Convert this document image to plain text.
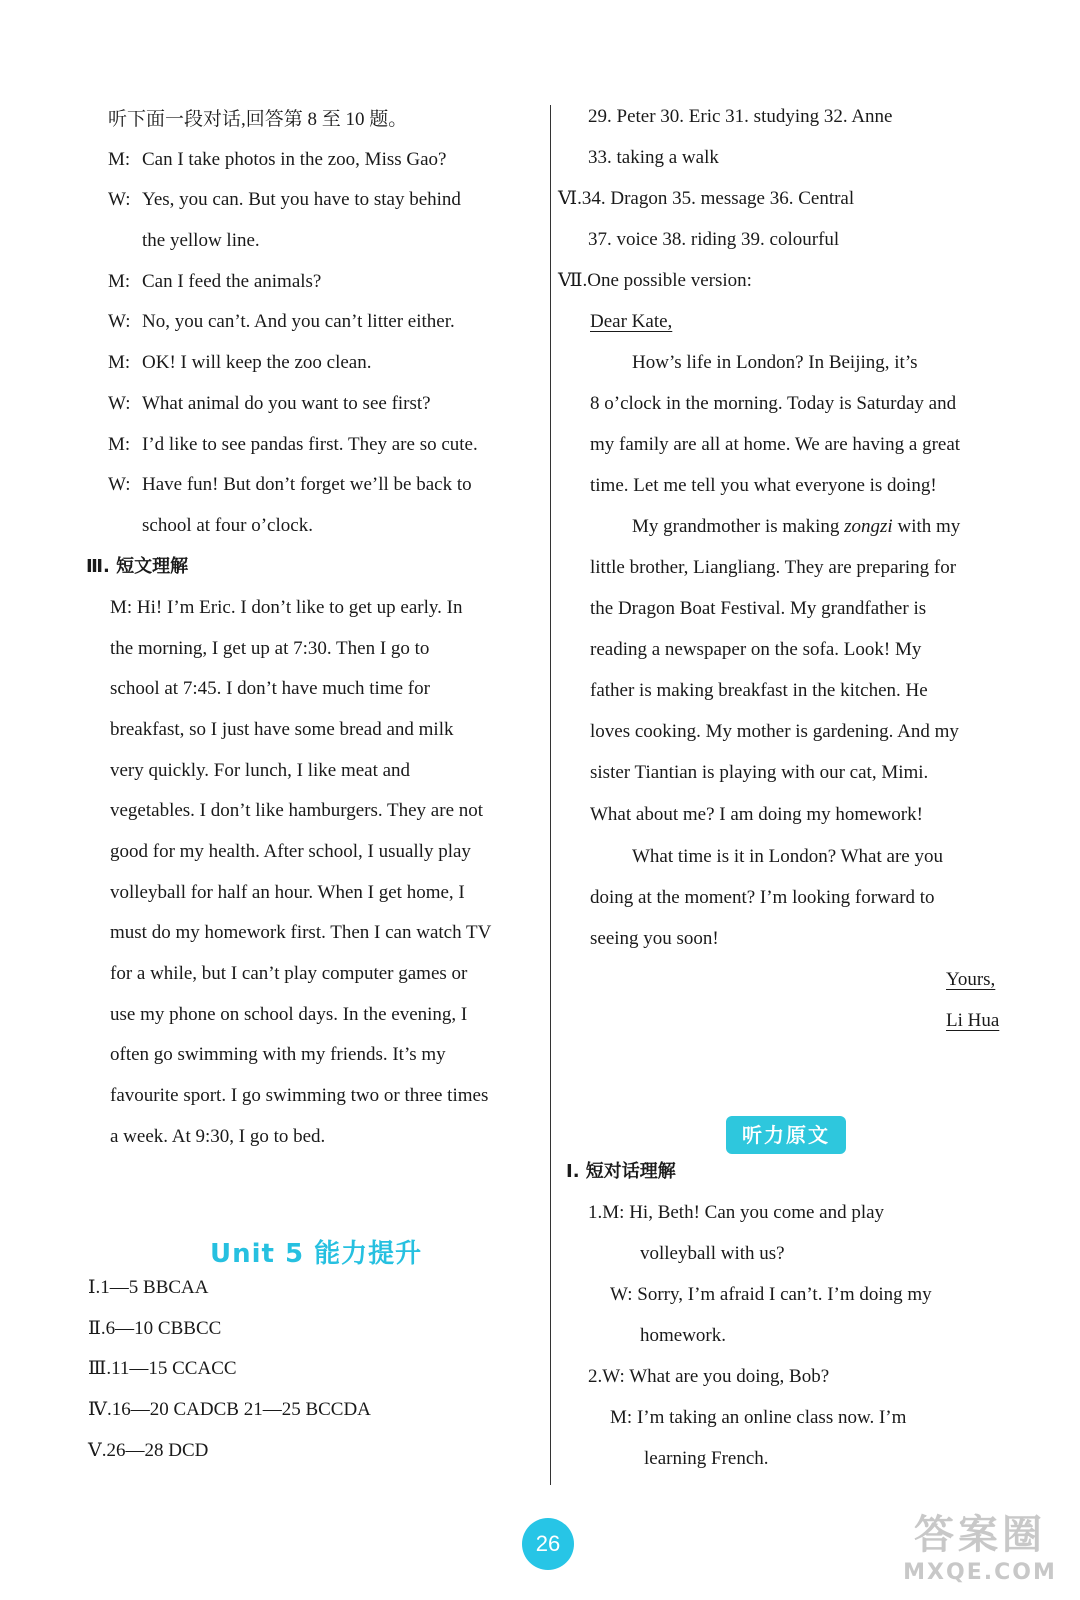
听下面一段对话,回答第 8 至 10 题。
M: Can I take photos in the zoo, Miss Gao?
W: Yes, you can. But you have to stay behind
the yellow line.
M: Can I feed the animals?
W: No, you can’t. And you can’t litter either.
M: OK! I will keep the zoo clean.
W: What animal do you want to see first?
M: I’d like to see pandas first. They are so cute.
W: Have fun! But don’t forget we’ll be back to
school at four o’clock.
Ⅲ. 短文理解
M: Hi! I’m Eric. I don’t like to get up early. In
the morning, I get up at 7:30. Then I go to
school at 7:45. I don’t have much time for
breakfast, so I just have some bread and milk
very quickly. For lunch, I like meat and
vegetables. I don’t like hamburgers. They are not
good for my health. After school, I usually play
volleyball for half an hour. When I get home, I
must do my homework first. Then I can watch TV
for a while, but I can’t play computer games or
use my phone on school days. In the evening, I
often go swimming with my friends. It’s my
favourite sport. I go swimming two or three times
a week. At 9:30, I go to bed.
Unit 5 能力提升
Ⅰ.1—5 BBCAA
Ⅱ.6—10 CBBCC
Ⅲ.11—15 CCACC
Ⅳ.16—20 CADCB 21—25 BCCDA
Ⅴ.26—28 DCD
29. Peter 30. Eric 31. studying 32. Anne
33. taking a walk
Ⅵ.34. Dragon 35. message 36. Central
37. voice 38. riding 39. colourful
Ⅶ.One possible version:
Dear Kate,
How’s life in London? In Beijing, it’s
8 o’clock in the morning. Today is Saturday and
my family are all at home. We are having a great
time. Let me tell you what everyone is doing!
My grandmother is making zongzi with my
little brother, Liangliang. They are preparing for
the Dragon Boat Festival. My grandfather is
reading a newspaper on the sofa. Look! My
father is making breakfast in the kitchen. He
loves cooking. My mother is gardening. And my
sister Tiantian is playing with our cat, Mimi.
What about me? I am doing my homework!
What time is it in London? What are you
doing at the moment? I’m looking forward to
seeing you soon!
Yours,
Li Hua
听力原文
Ⅰ. 短对话理解
1.M: Hi, Beth! Can you come and play
volleyball with us?
W: Sorry, I’m afraid I can’t. I’m doing my
homework.
2.W: What are you doing, Bob?
M: I’m taking an online class now. I’m
learning French.
26	答案圈
MXQE.COM
